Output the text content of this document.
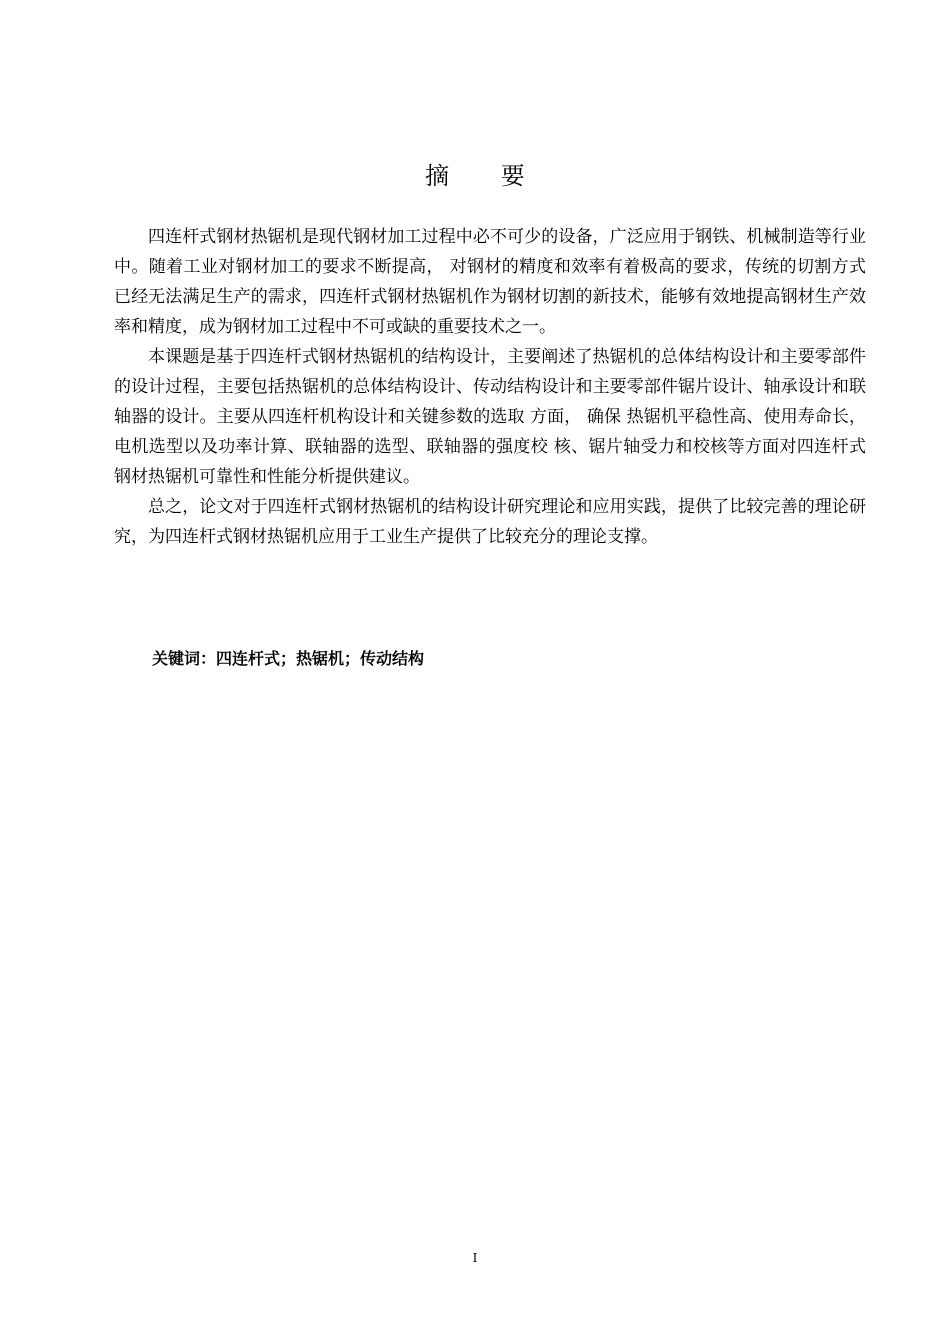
摘 要

四连杆式钢材热锯机是现代钢材加工过程中必不可少的设备，广泛应用于钢铁、机械制造等行业中。随着工业对钢材加工的要求不断提高， 对钢材的精度和效率有着极高的要求，传统的切割方式已经无法满足生产的需求，四连杆式钢材热锯机作为钢材切割的新技术，能够有效地提高钢材生产效率和精度，成为钢材加工过程中不可或缺的重要技术之一。

本课题是基于四连杆式钢材热锯机的结构设计，主要阐述了热锯机的总体结构设计和主要零部件的设计过程，主要包括热锯机的总体结构设计、传动结构设计和主要零部件锯片设计、轴承设计和联轴器的设计。主要从四连杆机构设计和关键参数的选取 方面， 确保 热锯机平稳性高、使用寿命长，电机选型以及功率计算、联轴器的选型、联轴器的强度校 核、锯片轴受力和校核等方面对四连杆式钢材热锯机可靠性和性能分析提供建议。

总之，论文对于四连杆式钢材热锯机的结构设计研究理论和应用实践，提供了比较完善的理论研究，为四连杆式钢材热锯机应用于工业生产提供了比较充分的理论支撑。

关键词：四连杆式；热锯机；传动结构
I
